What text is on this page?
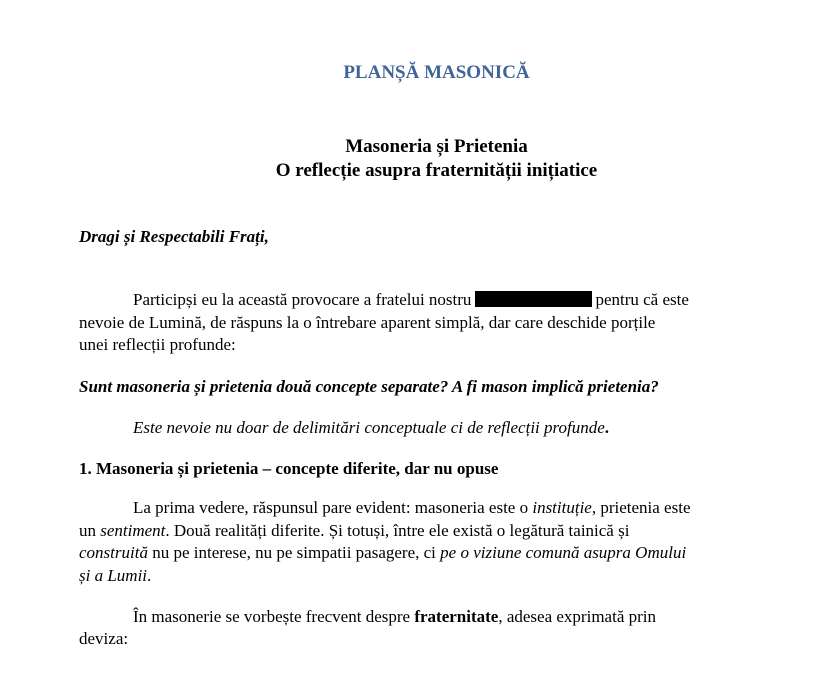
PLANȘĂ MASONICĂ
Masoneria și Prietenia
O reflecție asupra fraternității inițiatice
Dragi și Respectabili Frați,
Participși eu la această provocare a fratelui nostru	pentru că este
nevoie de Lumină, de răspuns la o întrebare aparent simplă, dar care deschide porțile
unei reflecții profunde:
Sunt masoneria și prietenia două concepte separate? A fi mason implică prietenia?
Este nevoie nu doar de delimitări conceptuale ci de reflecții profunde.
1. Masoneria și prietenia – concepte diferite, dar nu opuse
La prima vedere, răspunsul pare evident: masoneria este o instituție, prietenia este
un sentiment. Două realități diferite. Și totuși, între ele există o legătură tainică și
construită nu pe interese, nu pe simpatii pasagere, ci pe o viziune comună asupra Omului
și a Lumii.
În masonerie se vorbește frecvent despre fraternitate, adesea exprimată prin
deviza:
